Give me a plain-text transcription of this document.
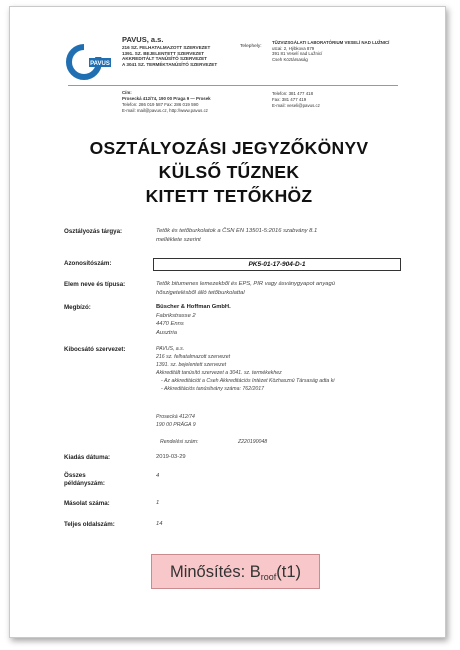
PAVUS
PAVUS, a.s.
216 SZ. FELHATALMAZOTT SZERVEZET
1391. SZ. BEJELENTETT SZERVEZET
AKKREDITÁLT TANÚSÍTÓ SZERVEZET
A 3041 SZ. TERMÉKTANÚSÍTÓ SZERVEZET
Telephely:
TŰZVIZSGÁLATI LABORATÓRIUM VESELÍ NAD LUŽNICÍ
utcai: 2, Hýbkova 879
391 81 Veselí nad Lužnicí
Cseh Köztársaság
Cím:
Prosecká 412/74, 190 00 Praga 9 — Prosek
Telefon: 286 019 587 Fax: 286 019 590
E-mail: mail@pavus.cz, http://www.pavus.cz
Telefon: 381 477 418
Fax: 381 477 419
E-mail: veseli@pavus.cz
OSZTÁLYOZÁSI JEGYZŐKÖNYV
KÜLSŐ TŰZNEK
KITETT TETŐKHÖZ
Osztályozás tárgya:	Tetők és tetőburkolatok a ČSN EN 13501-5:2016 szabvány 8.1
melléklete szerint
Azonosítószám:	PK5-01-17-904-D-1
Elem neve és típusa:	Tetők bitumenes lemezekből és EPS, PIR vagy ásványgyapot anyagú
hőszigetelésből álló tetőburkolattal
Megbízó:	Büscher & Hoffman GmbH.
Fabrikstrasse 2
4470 Enns
Ausztria
Kibocsátó szervezet:	PAVUS, a.s.
216 sz. felhatalmazott szervezet
1391. sz. bejelentett szervezet
Akkreditált tanúsító szervezet a 3041. sz. termékekhez
- Az akkreditációt a Cseh Akkreditációs Intézet Közhasznú Társaság adta ki
- Akkreditációs tanúsítvány száma: 762/2017
Prosecká 412/74
190 00 PRÁGA 9
Rendelési szám:	Z220190048
Kiadás dátuma:	2019-03-29
Összes
példányszám:
4
Másolat száma:	1
Teljes oldalszám:	14
Minősítés: $B_{roof}(t1)$
